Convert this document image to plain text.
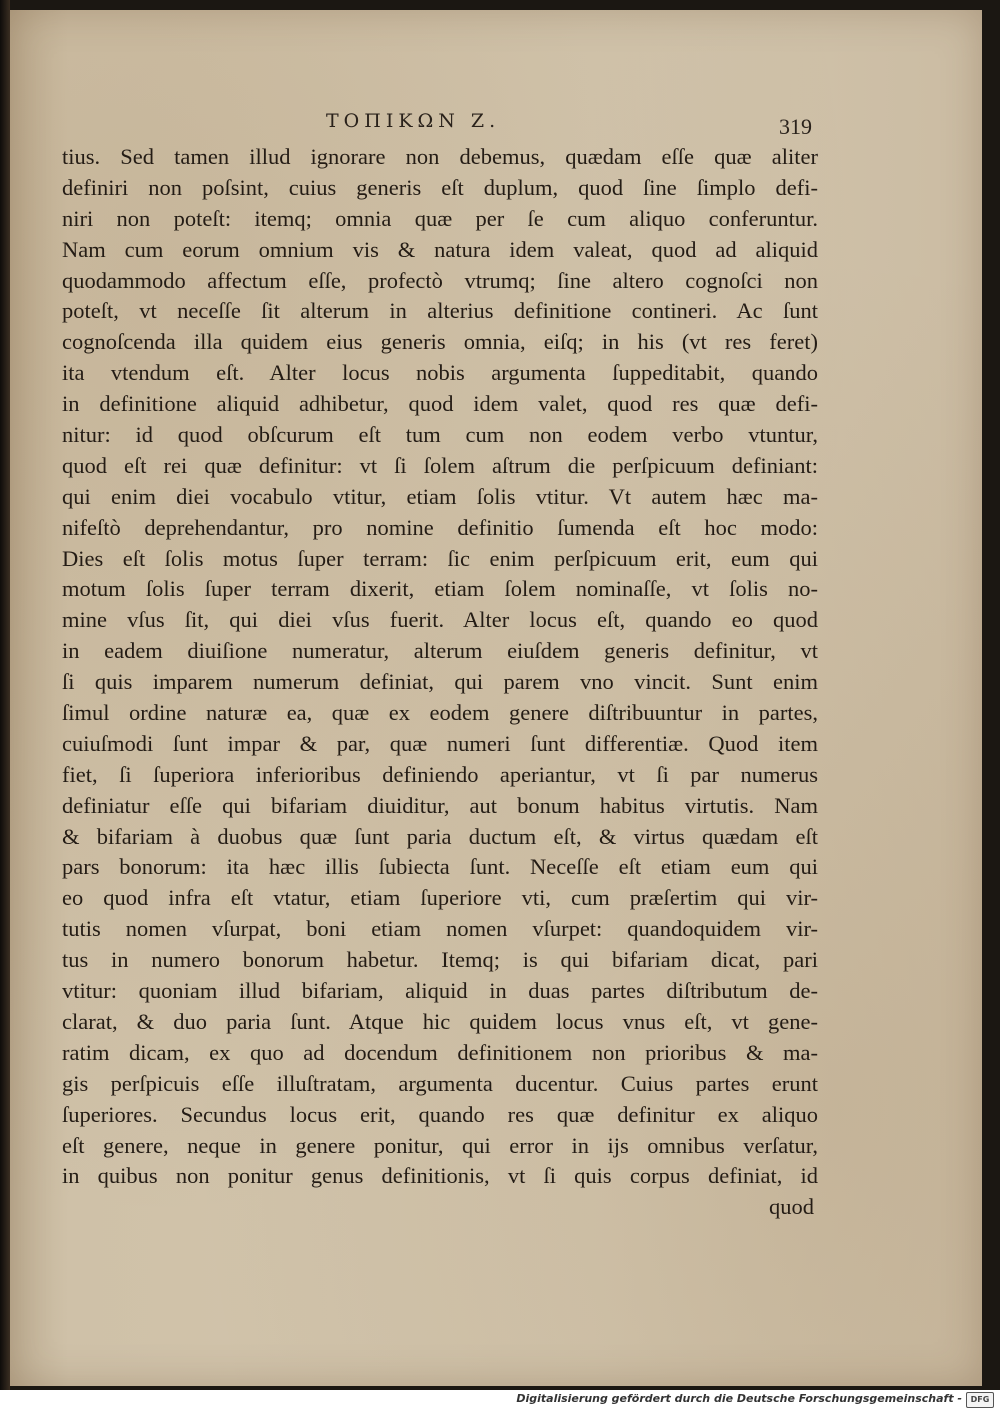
ΤΟΠΙΚΩΝ Ζ.	319
tius. Sed tamen illud ignorare non debemus, quædam eſſe quæ aliter
definiri non poſsint, cuius generis eſt duplum, quod ſine ſimplo defi-
niri non poteſt: itemq; omnia quæ per ſe cum aliquo conferuntur.
Nam cum eorum omnium vis & natura idem valeat, quod ad aliquid
quodammodo affectum eſſe, profectò vtrumq; ſine altero cognoſci non
poteſt, vt neceſſe ſit alterum in alterius definitione contineri. Ac ſunt
cognoſcenda illa quidem eius generis omnia, eiſq; in his (vt res feret)
ita vtendum eſt. Alter locus nobis argumenta ſuppeditabit, quando
in definitione aliquid adhibetur, quod idem valet, quod res quæ defi-
nitur: id quod obſcurum eſt tum cum non eodem verbo vtuntur,
quod eſt rei quæ definitur: vt ſi ſolem aſtrum die perſpicuum definiant:
qui enim diei vocabulo vtitur, etiam ſolis vtitur. Vt autem hæc ma-
nifeſtò deprehendantur, pro nomine definitio ſumenda eſt hoc modo:
Dies eſt ſolis motus ſuper terram: ſic enim perſpicuum erit, eum qui
motum ſolis ſuper terram dixerit, etiam ſolem nominaſſe, vt ſolis no-
mine vſus ſit, qui diei vſus fuerit. Alter locus eſt, quando eo quod
in eadem diuiſione numeratur, alterum eiuſdem generis definitur, vt
ſi quis imparem numerum definiat, qui parem vno vincit. Sunt enim
ſimul ordine naturæ ea, quæ ex eodem genere diſtribuuntur in partes,
cuiuſmodi ſunt impar & par, quæ numeri ſunt differentiæ. Quod item
fiet, ſi ſuperiora inferioribus definiendo aperiantur, vt ſi par numerus
definiatur eſſe qui bifariam diuiditur, aut bonum habitus virtutis. Nam
& bifariam à duobus quæ ſunt paria ductum eſt, & virtus quædam eſt
pars bonorum: ita hæc illis ſubiecta ſunt. Neceſſe eſt etiam eum qui
eo quod infra eſt vtatur, etiam ſuperiore vti, cum præſertim qui vir-
tutis nomen vſurpat, boni etiam nomen vſurpet: quandoquidem vir-
tus in numero bonorum habetur. Itemq; is qui bifariam dicat, pari
vtitur: quoniam illud bifariam, aliquid in duas partes diſtributum de-
clarat, & duo paria ſunt. Atque hic quidem locus vnus eſt, vt gene-
ratim dicam, ex quo ad docendum definitionem non prioribus & ma-
gis perſpicuis eſſe illuſtratam, argumenta ducentur. Cuius partes erunt
ſuperiores. Secundus locus erit, quando res quæ definitur ex aliquo
eſt genere, neque in genere ponitur, qui error in ijs omnibus verſatur,
in quibus non ponitur genus definitionis, vt ſi quis corpus definiat, id
quod
Digitalisierung gefördert durch die Deutsche Forschungsgemeinschaft -	DFG
